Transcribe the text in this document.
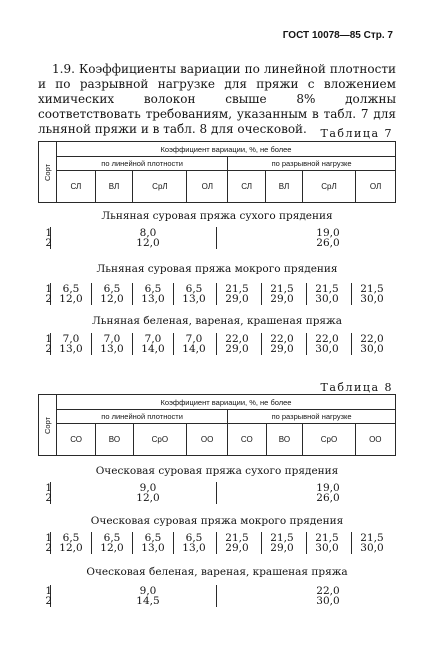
ГОСТ 10078—85 Стр. 7
1.9. Коэффициенты вариации по линейной плотности и по разрывной нагрузке для пряжи с вложением химических волокон свыше 8% должны соответствовать требованиям, указанным в табл. 7 для льняной пряжи и в табл. 8 для оческовой.	Таблица 7
Сорт	Коэффициент вариации, %, не более							
	по линейной плотности				по разрывной нагрузке			
	СЛ	ВЛ	СрЛ	ОЛ	СЛ	ВЛ	СрЛ	ОЛ
Льняная суровая пряжа сухого прядения
1	8,0	19,0
2	12,0	26,0
Льняная суровая пряжа мокрого прядения
1	6,5	6,5	6,5	6,5	21,5	21,5	21,5	21,5
2 12,0	12,0	13,0	13,0	29,0	29,0	30,0	30,0
Льняная беленая, вареная, крашеная пряжа
1	7,0	7,0	7,0	7,0	22,0	22,0	22,0	22,0
2 13,0	13,0	14,0	14,0	29,0	29,0	30,0	30,0
Таблица 8
Сорт	Коэффициент вариации, %, не более							
	по линейной плотности				по разрывной нагрузке			
	СО	ВО	СрО	ОО	СО	ВО	СрО	ОО
Оческовая суровая пряжа сухого прядения
1	9,0	19,0
2	12,0	26,0
Оческовая суровая пряжа мокрого прядения
1	6,5	6,5	6,5	6,5	21,5	21,5	21,5	21,5
2 12,0	12,0	13,0	13,0	29,0	29,0	30,0	30,0
Оческовая беленая, вареная, крашеная пряжа
1	9,0	22,0
2	14,5	30,0
